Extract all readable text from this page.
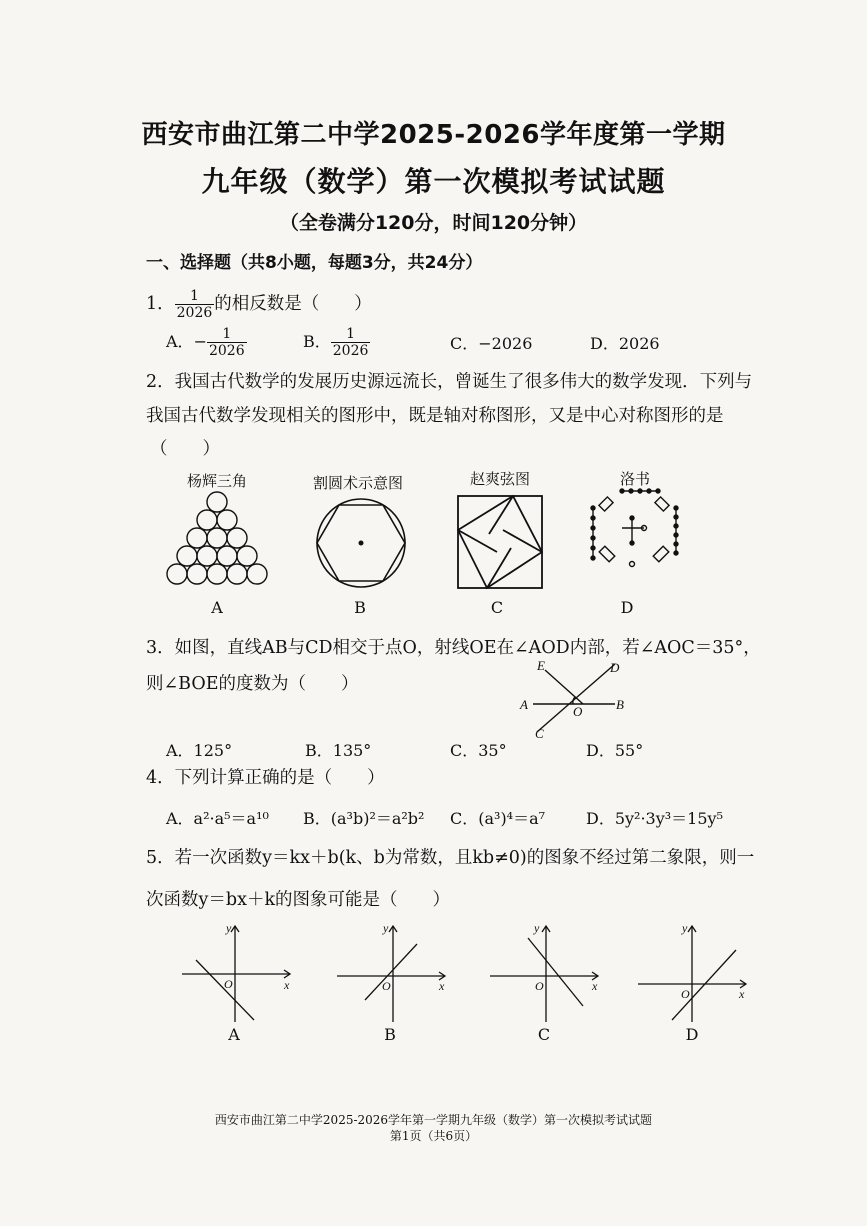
西安市曲江第二中学2025-2026学年度第一学期
九年级（数学）第一次模拟考试试题
（全卷满分120分，时间120分钟）
一、选择题（共8小题，每题3分，共24分）
1． $\frac{1}{2026}$ 的相反数是（　　）
A．− $\frac{1}{2026}$	B． $\frac{1}{2026}$	C．−2026	D．2026
2．我国古代数学的发展历史源远流长，曾诞生了很多伟大的数学发现．下列与
我国古代数学发现相关的图形中，既是轴对称图形，又是中心对称图形的是
（　　）
杨辉三角	割圆术示意图	赵爽弦图	洛书
A	B	C	D
3．如图，直线AB与CD相交于点O，射线OE在∠AOD内部，若∠AOC＝35°，
则∠BOE的度数为（　　）
E	D
A	O	B
C
A．125°	B．135°	C．35°	D．55°
4．下列计算正确的是（　　）
A．a²·a⁵＝a¹⁰ B．(a³b)²＝a²b² C．(a³)⁴＝a⁷	D．5y²·3y³＝15y⁵
5．若一次函数y＝kx＋b(k、b为常数，且kb≠0)的图象不经过第二象限，则一
次函数y＝bx＋k的图象可能是（　　）
y
x
O
A
y
x
O
B
y
x
O
C
y
x
O
D
西安市曲江第二中学2025-2026学年第一学期九年级（数学）第一次模拟考试试题
第1页（共6页）
